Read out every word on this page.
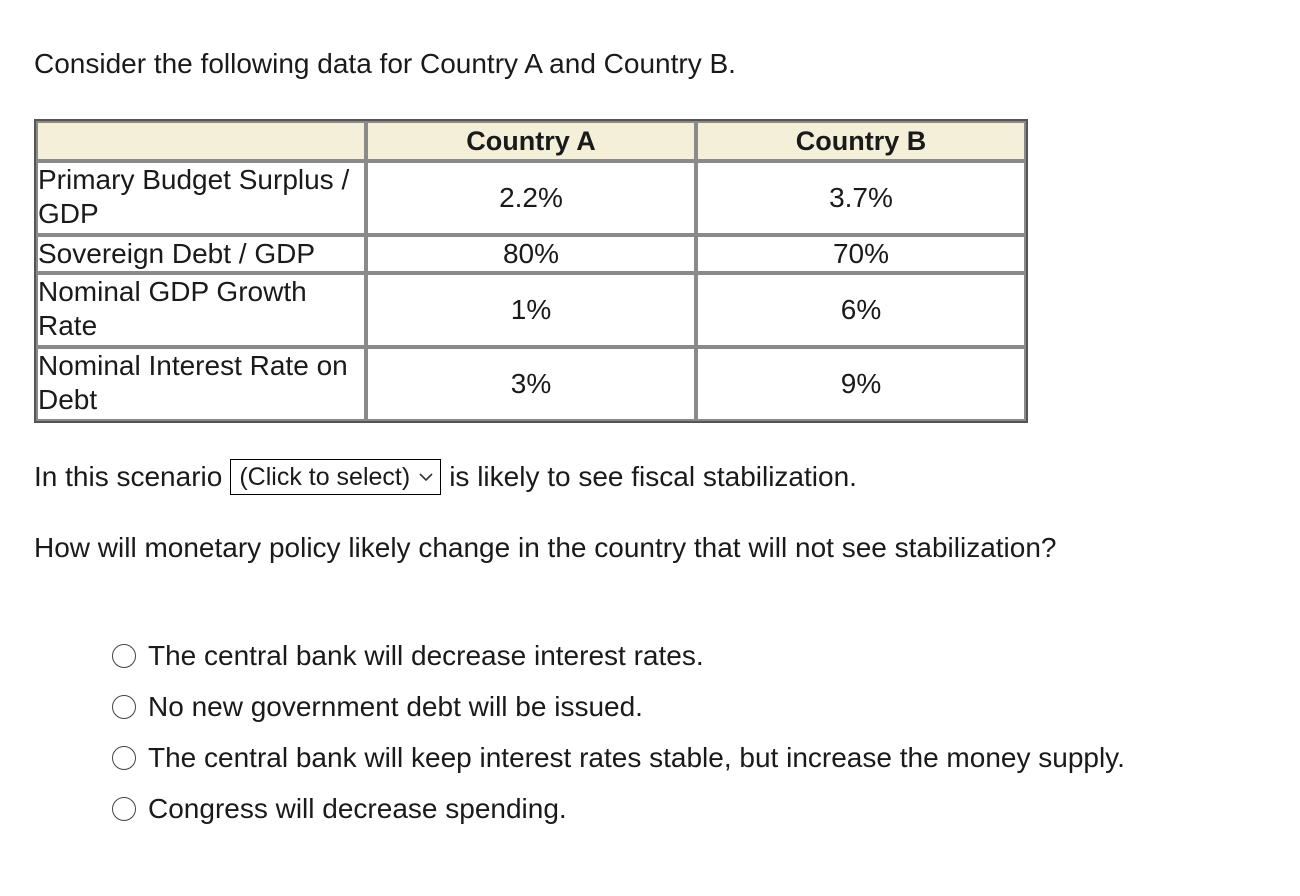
Consider the following data for Country A and Country B.

	Country A	Country B
Primary Budget Surplus / GDP	2.2%	3.7%
Sovereign Debt / GDP	80%	70%
Nominal GDP Growth Rate	1%	6%
Nominal Interest Rate on Debt	3%	9%
In this scenario (Click to select) is likely to see fiscal stabilization.

How will monetary policy likely change in the country that will not see stabilization?

The central bank will decrease interest rates.
No new government debt will be issued.
The central bank will keep interest rates stable, but increase the money supply.
Congress will decrease spending.
